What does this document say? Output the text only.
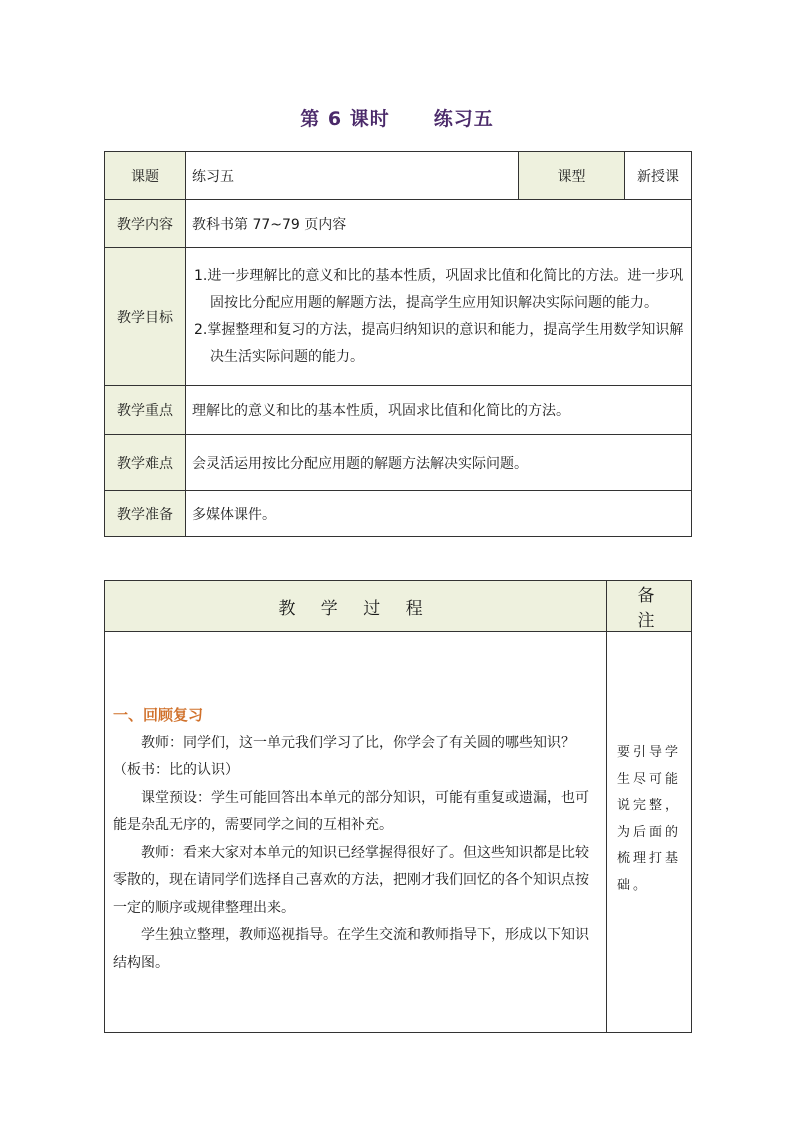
第 6 课时 练习五
课题	练习五	课型	新授课
教学内容	教科书第 77~79 页内容		
教学目标	1.进一步理解比的意义和比的基本性质，巩固求比值和化简比的方法。进一步巩固按比分配应用题的解题方法，提高学生应用知识解决实际问题的能力。

2.掌握整理和复习的方法，提高归纳知识的意识和能力，提高学生用数学知识解决生活实际问题的能力。		

教学重点	理解比的意义和比的基本性质，巩固求比值和化简比的方法。		
教学难点	会灵活运用按比分配应用题的解题方法解决实际问题。		
教学准备	多媒体课件。		
教 学 过 程	备 注

一、回顾复习

教师：同学们，这一单元我们学习了比，你学会了有关圆的哪些知识？（板书：比的认识）

课堂预设：学生可能回答出本单元的部分知识，可能有重复或遗漏，也可能是杂乱无序的，需要同学之间的互相补充。

教师：看来大家对本单元的知识已经掌握得很好了。但这些知识都是比较零散的，现在请同学们选择自己喜欢的方法，把刚才我们回忆的各个知识点按一定的顺序或规律整理出来。

学生独立整理，教师巡视指导。在学生交流和教师指导下，形成以下知识结构图。	要引导学生尽可能说完整，为后面的梳理打基础。
